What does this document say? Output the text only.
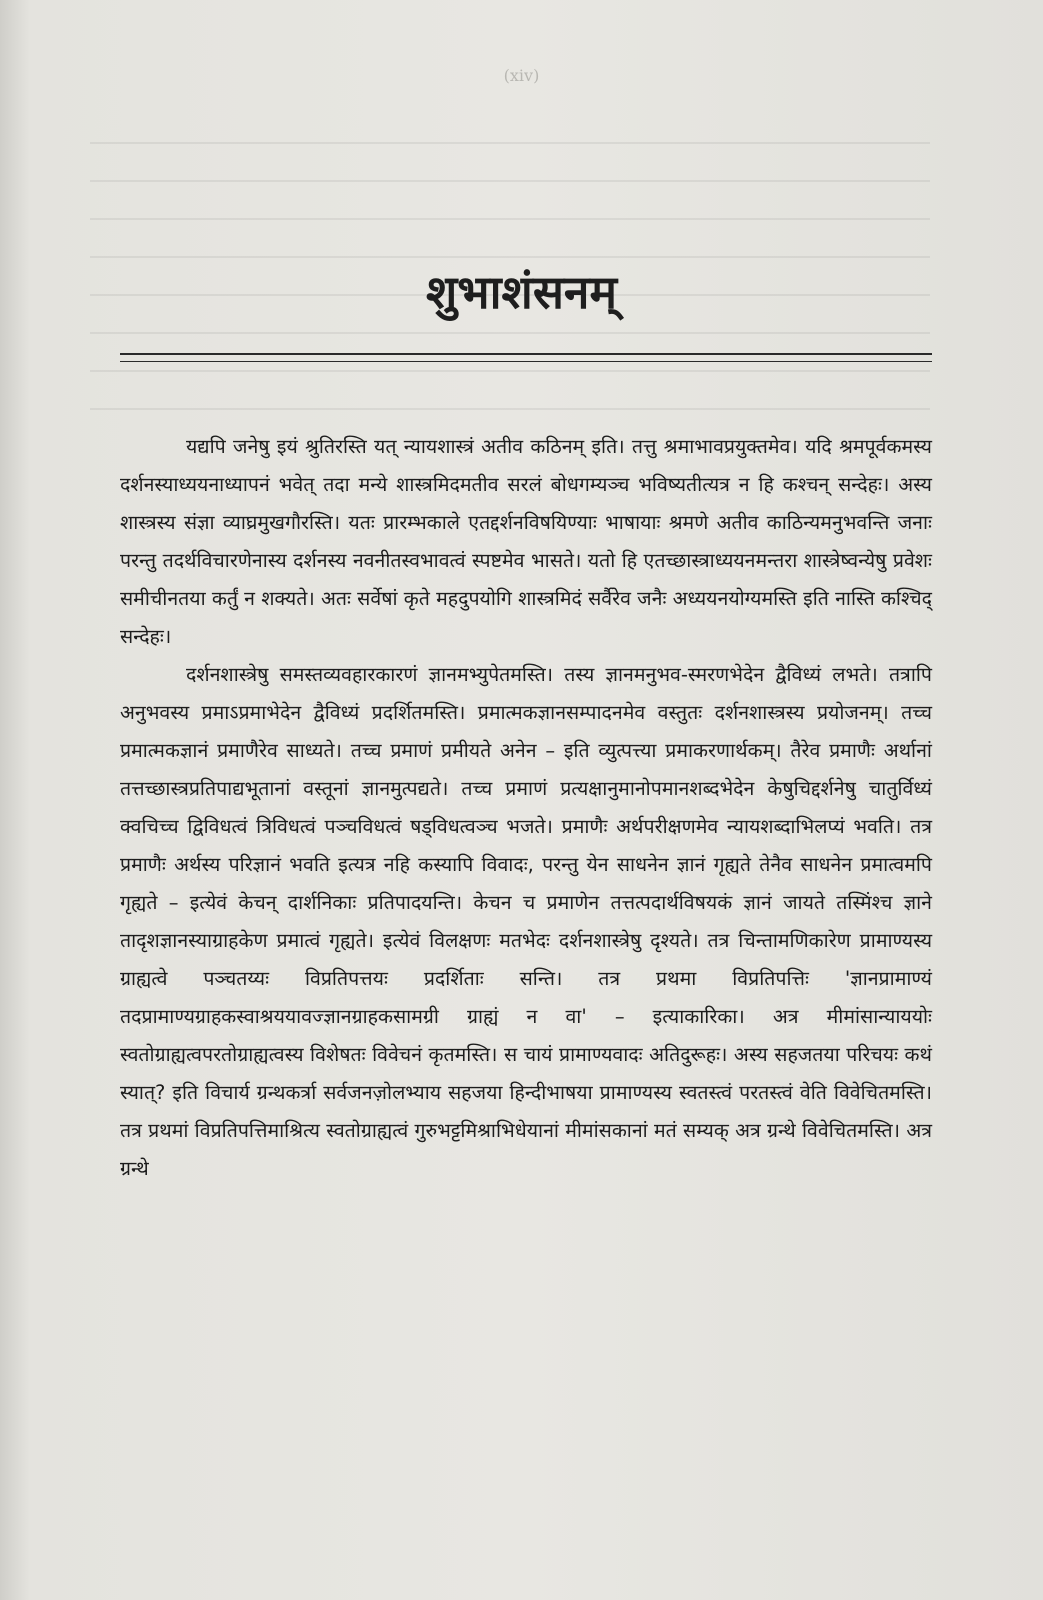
(xiv)
शुभाशंसनम्

यद्यपि जनेषु इयं श्रुतिरस्ति यत् न्यायशास्त्रं अतीव कठिनम् इति। तत्तु श्रमाभावप्रयुक्तमेव। यदि श्रमपूर्वकमस्य दर्शनस्याध्ययनाध्यापनं भवेत् तदा मन्ये शास्त्रमिदमतीव सरलं बोधगम्यञ्च भविष्यतीत्यत्र न हि कश्चन् सन्देहः। अस्य शास्त्रस्य संज्ञा व्याघ्रमुखगौरस्ति। यतः प्रारम्भकाले एतद्दर्शनविषयिण्याः भाषायाः श्रमणे अतीव काठिन्यमनुभवन्ति जनाः परन्तु तदर्थविचारणेनास्य दर्शनस्य नवनीतस्वभावत्वं स्पष्टमेव भासते। यतो हि एतच्छास्त्राध्ययनमन्तरा शास्त्रेष्वन्येषु प्रवेशः समीचीनतया कर्तुं न शक्यते। अतः सर्वेषां कृते महदुपयोगि शास्त्रमिदं सर्वैरेव जनैः अध्ययनयोग्यमस्ति इति नास्ति कश्चिद् सन्देहः।

दर्शनशास्त्रेषु समस्तव्यवहारकारणं ज्ञानमभ्युपेतमस्ति। तस्य ज्ञानमनुभव-स्मरणभेदेन द्वैविध्यं लभते। तत्रापि अनुभवस्य प्रमाऽप्रमाभेदेन द्वैविध्यं प्रदर्शितमस्ति। प्रमात्मकज्ञानसम्पादनमेव वस्तुतः दर्शनशास्त्रस्य प्रयोजनम्। तच्च प्रमात्मकज्ञानं प्रमाणैरेव साध्यते। तच्च प्रमाणं प्रमीयते अनेन – इति व्युत्पत्त्या प्रमाकरणार्थकम्। तैरेव प्रमाणैः अर्थानां तत्तच्छास्त्रप्रतिपाद्यभूतानां वस्तूनां ज्ञानमुत्पद्यते। तच्च प्रमाणं प्रत्यक्षानुमानोपमानशब्दभेदेन केषुचिद्दर्शनेषु चातुर्विध्यं क्वचिच्च द्विविधत्वं त्रिविधत्वं पञ्चविधत्वं षड्विधत्वञ्च भजते। प्रमाणैः अर्थपरीक्षणमेव न्यायशब्दाभिलप्यं भवति। तत्र प्रमाणैः अर्थस्य परिज्ञानं भवति इत्यत्र नहि कस्यापि विवादः, परन्तु येन साधनेन ज्ञानं गृह्यते तेनैव साधनेन प्रमात्वमपि गृह्यते – इत्येवं केचन् दार्शनिकाः प्रतिपादयन्ति। केचन च प्रमाणेन तत्तत्पदार्थविषयकं ज्ञानं जायते तस्मिंश्च ज्ञाने तादृशज्ञानस्याग्राहकेण प्रमात्वं गृह्यते। इत्येवं विलक्षणः मतभेदः दर्शनशास्त्रेषु दृश्यते। तत्र चिन्तामणिकारेण प्रामाण्यस्य ग्राह्यत्वे पञ्चतय्यः विप्रतिपत्तयः प्रदर्शिताः सन्ति। तत्र प्रथमा विप्रतिपत्तिः 'ज्ञानप्रामाण्यं तदप्रामाण्यग्राहकस्वाश्रययावज्ज्ञानग्राहकसामग्री ग्राह्यं न वा' – इत्याकारिका। अत्र मीमांसान्याययोः स्वतोग्राह्यत्वपरतोग्राह्यत्वस्य विशेषतः विवेचनं कृतमस्ति। स चायं प्रामाण्यवादः अतिदुरूहः। अस्य सहजतया परिचयः कथं स्यात्? इति विचार्य ग्रन्थकर्त्रा सर्वजनज़ोलभ्याय सहजया हिन्दीभाषया प्रामाण्यस्य स्वतस्त्वं परतस्त्वं वेति विवेचितमस्ति। तत्र प्रथमां विप्रतिपत्तिमाश्रित्य स्वतोग्राह्यत्वं गुरुभट्टमिश्राभिधेयानां मीमांसकानां मतं सम्यक् अत्र ग्रन्थे विवेचितमस्ति। अत्र ग्रन्थे
